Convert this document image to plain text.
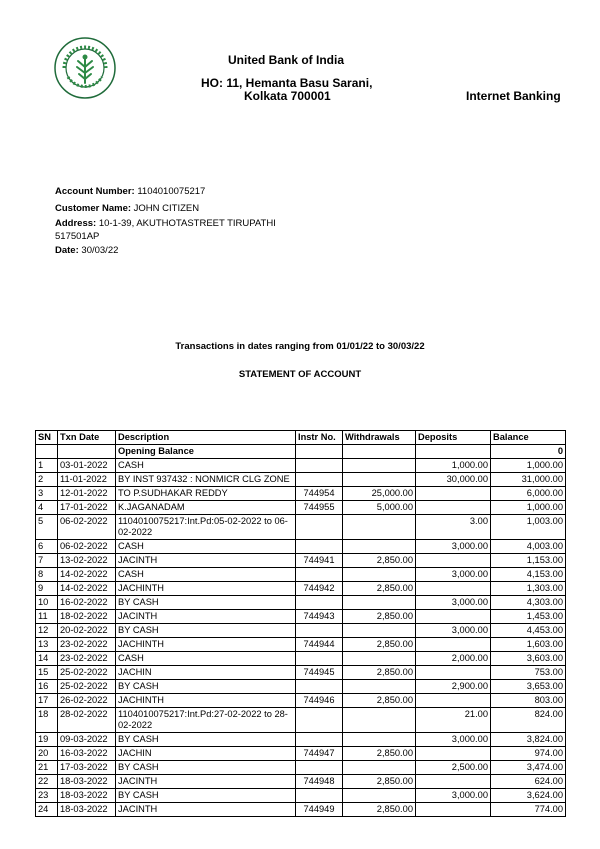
United Bank of India
HO: 11, Hemanta Basu Sarani,
Kolkata 700001	Internet Banking
Account Number: 1104010075217
Customer Name: JOHN CITIZEN
Address: 10-1-39, AKUTHOTASTREET TIRUPATHI
517501AP
Date: 30/03/22
Transactions in dates ranging from 01/01/22 to 30/03/22
STATEMENT OF ACCOUNT
SN	Txn Date	Description	Instr No.	Withdrawals	Deposits	Balance
		Opening Balance				0
1	03-01-2022	CASH			1,000.00	1,000.00
2	11-01-2022	BY INST 937432 : NONMICR CLG ZONE			30,000.00	31,000.00
3	12-01-2022	TO P.SUDHAKAR REDDY	744954	25,000.00		6,000.00
4	17-01-2022	K.JAGANADAM	744955	5,000.00		1,000.00
5	06-02-2022	1104010075217:Int.Pd:05-02-2022 to 06-02-2022			3.00	1,003.00
6	06-02-2022	CASH			3,000.00	4,003.00
7	13-02-2022	JACINTH	744941	2,850.00		1,153.00
8	14-02-2022	CASH			3,000.00	4,153.00
9	14-02-2022	JACHINTH	744942	2,850.00		1,303.00
10	16-02-2022	BY CASH			3,000.00	4,303.00
11	18-02-2022	JACINTH	744943	2,850.00		1,453.00
12	20-02-2022	BY CASH			3,000.00	4,453.00
13	23-02-2022	JACHINTH	744944	2,850.00		1,603.00
14	23-02-2022	CASH			2,000.00	3,603.00
15	25-02-2022	JACHIN	744945	2,850.00		753.00
16	25-02-2022	BY CASH			2,900.00	3,653.00
17	26-02-2022	JACHINTH	744946	2,850.00		803.00
18	28-02-2022	1104010075217:Int.Pd:27-02-2022 to 28-02-2022			21.00	824.00
19	09-03-2022	BY CASH			3,000.00	3,824.00
20	16-03-2022	JACHIN	744947	2,850.00		974.00
21	17-03-2022	BY CASH			2,500.00	3,474.00
22	18-03-2022	JACINTH	744948	2,850.00		624.00
23	18-03-2022	BY CASH			3,000.00	3,624.00
24	18-03-2022	JACINTH	744949	2,850.00		774.00
